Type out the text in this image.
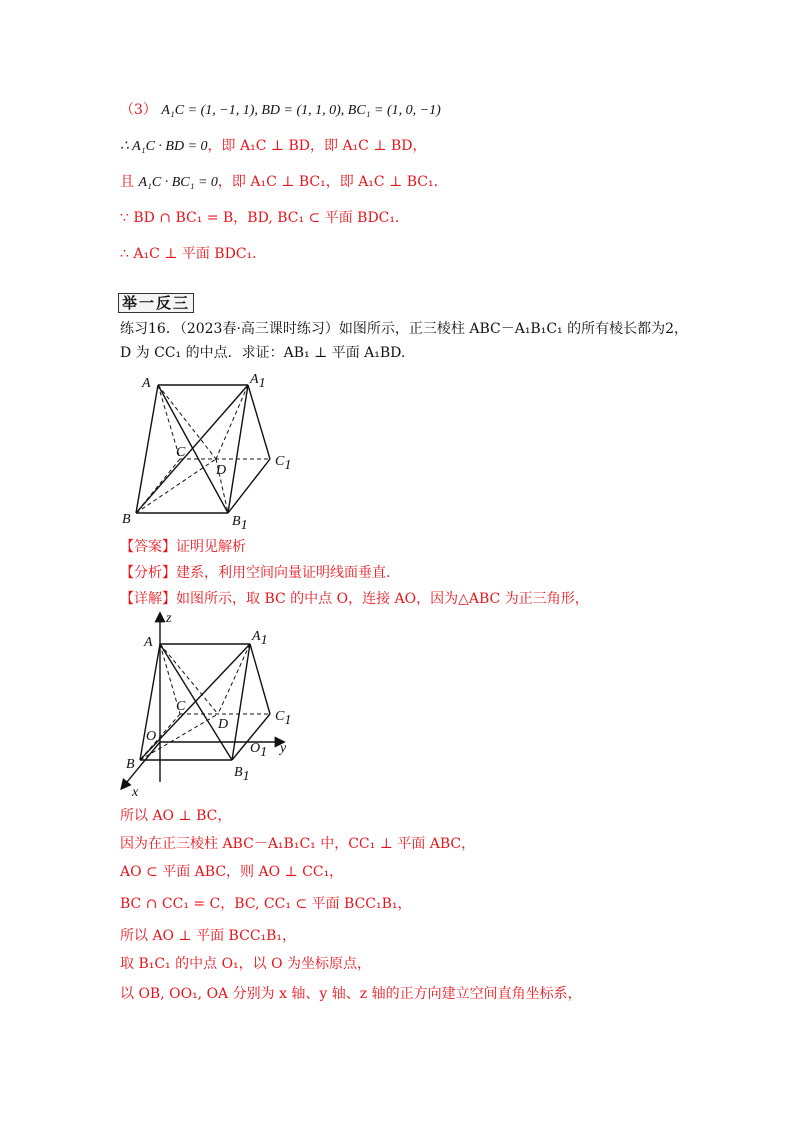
（3） A₁C = (1, −1, 1), BD = (1, 1, 0), BC₁ = (1, 0, −1)
∴ A₁C · BD = 0，即 A₁C ⊥ BD，即 A₁C ⊥ BD，
且 A₁C · BC₁ = 0，即 A₁C ⊥ BC₁，即 A₁C ⊥ BC₁．
∵ BD ∩ BC₁ = B，BD, BC₁ ⊂ 平面 BDC₁．
∴ A₁C ⊥ 平面 BDC₁．
举一反三
练习16．（2023春·高三课时练习）如图所示，正三棱柱 ABC－A₁B₁C₁ 的所有棱长都为2，
D 为 CC₁ 的中点．求证：AB₁ ⊥ 平面 A₁BD.
A	A1
C
D
C1
B	B1
【答案】证明见解析
【分析】建系，利用空间向量证明线面垂直.
【详解】如图所示，取 BC 的中点 O，连接 AO，因为△ABC 为正三角形，
z
A	A1
C
D
C1
O
O1 y
B
B1
x
所以 AO ⊥ BC，
因为在正三棱柱 ABC－A₁B₁C₁ 中，CC₁ ⊥ 平面 ABC，
AO ⊂ 平面 ABC，则 AO ⊥ CC₁，
BC ∩ CC₁ = C，BC, CC₁ ⊂ 平面 BCC₁B₁，
所以 AO ⊥ 平面 BCC₁B₁，
取 B₁C₁ 的中点 O₁，以 O 为坐标原点，
以 OB, OO₁, OA 分别为 x 轴、y 轴、z 轴的正方向建立空间直角坐标系，
